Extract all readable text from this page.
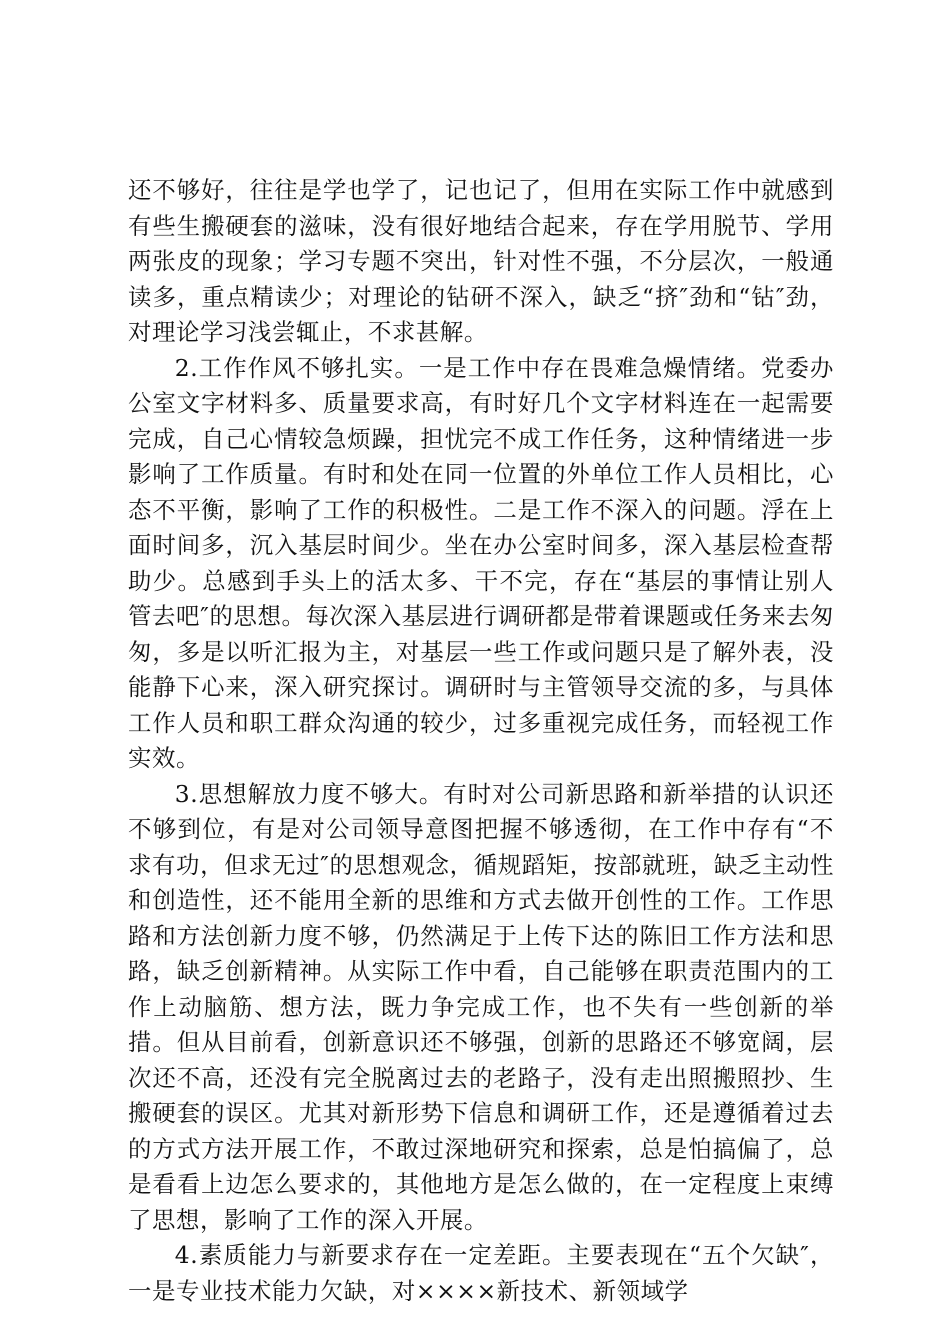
还不够好，往往是学也学了，记也记了，但用在实际工作中就感到有些生搬硬套的滋味，没有很好地结合起来，存在学用脱节、学用两张皮的现象；学习专题不突出，针对性不强，不分层次，一般通读多，重点精读少；对理论的钻研不深入，缺乏“挤″劲和“钻″劲，对理论学习浅尝辄止，不求甚解。

2.工作作风不够扎实。一是工作中存在畏难急燥情绪。党委办公室文字材料多、质量要求高，有时好几个文字材料连在一起需要完成，自己心情较急烦躁，担忧完不成工作任务，这种情绪进一步影响了工作质量。有时和处在同一位置的外单位工作人员相比，心态不平衡，影响了工作的积极性。二是工作不深入的问题。浮在上面时间多，沉入基层时间少。坐在办公室时间多，深入基层检查帮助少。总感到手头上的活太多、干不完，存在“基层的事情让别人管去吧″的思想。每次深入基层进行调研都是带着课题或任务来去匆匆，多是以听汇报为主，对基层一些工作或问题只是了解外表，没能静下心来，深入研究探讨。调研时与主管领导交流的多，与具体工作人员和职工群众沟通的较少，过多重视完成任务，而轻视工作实效。

3.思想解放力度不够大。有时对公司新思路和新举措的认识还不够到位，有是对公司领导意图把握不够透彻，在工作中存有“不求有功，但求无过″的思想观念，循规蹈矩，按部就班，缺乏主动性和创造性，还不能用全新的思维和方式去做开创性的工作。工作思路和方法创新力度不够，仍然满足于上传下达的陈旧工作方法和思路，缺乏创新精神。从实际工作中看，自己能够在职责范围内的工作上动脑筋、想方法，既力争完成工作，也不失有一些创新的举措。但从目前看，创新意识还不够强，创新的思路还不够宽阔，层次还不高，还没有完全脱离过去的老路子，没有走出照搬照抄、生搬硬套的误区。尤其对新形势下信息和调研工作，还是遵循着过去的方式方法开展工作，不敢过深地研究和探索，总是怕搞偏了，总是看看上边怎么要求的，其他地方是怎么做的，在一定程度上束缚了思想，影响了工作的深入开展。

4.素质能力与新要求存在一定差距。主要表现在“五个欠缺″，一是专业技术能力欠缺，对××××新技术、新领域学
